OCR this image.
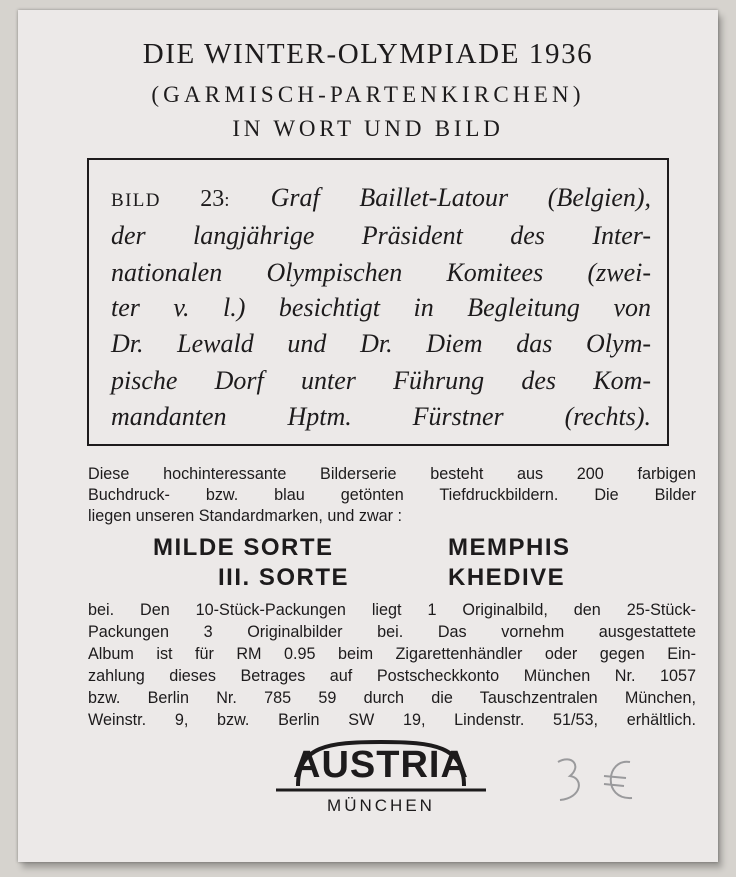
DIE WINTER-OLYMPIADE 1936
(GARMISCH-PARTENKIRCHEN)
IN WORT UND BILD
BILD 23: Graf Baillet-Latour (Belgien),
der langjährige Präsident des Inter-
nationalen Olympischen Komitees (zwei-
ter v. l.) besichtigt in Begleitung von
Dr. Lewald und Dr. Diem das Olym-
pische Dorf unter Führung des Kom-
mandanten Hptm. Fürstner (rechts).
Diese hochinteressante Bilderserie besteht aus 200 farbigen
Buchdruck- bzw. blau getönten Tiefdruckbildern. Die Bilder
liegen unseren Standardmarken, und zwar :
MILDE SORTE	MEMPHIS
III. SORTE	KHEDIVE
bei. Den 10-Stück-Packungen liegt 1 Originalbild, den 25-Stück-
Packungen 3 Originalbilder bei. Das vornehm ausgestattete
Album ist für RM 0.95 beim Zigarettenhändler oder gegen Ein-
zahlung dieses Betrages auf Postscheckkonto München Nr. 1057
bzw. Berlin Nr. 785 59 durch die Tauschzentralen München,
Weinstr. 9, bzw. Berlin SW 19, Lindenstr. 51/53, erhältlich.
AUSTRIA
MÜNCHEN
